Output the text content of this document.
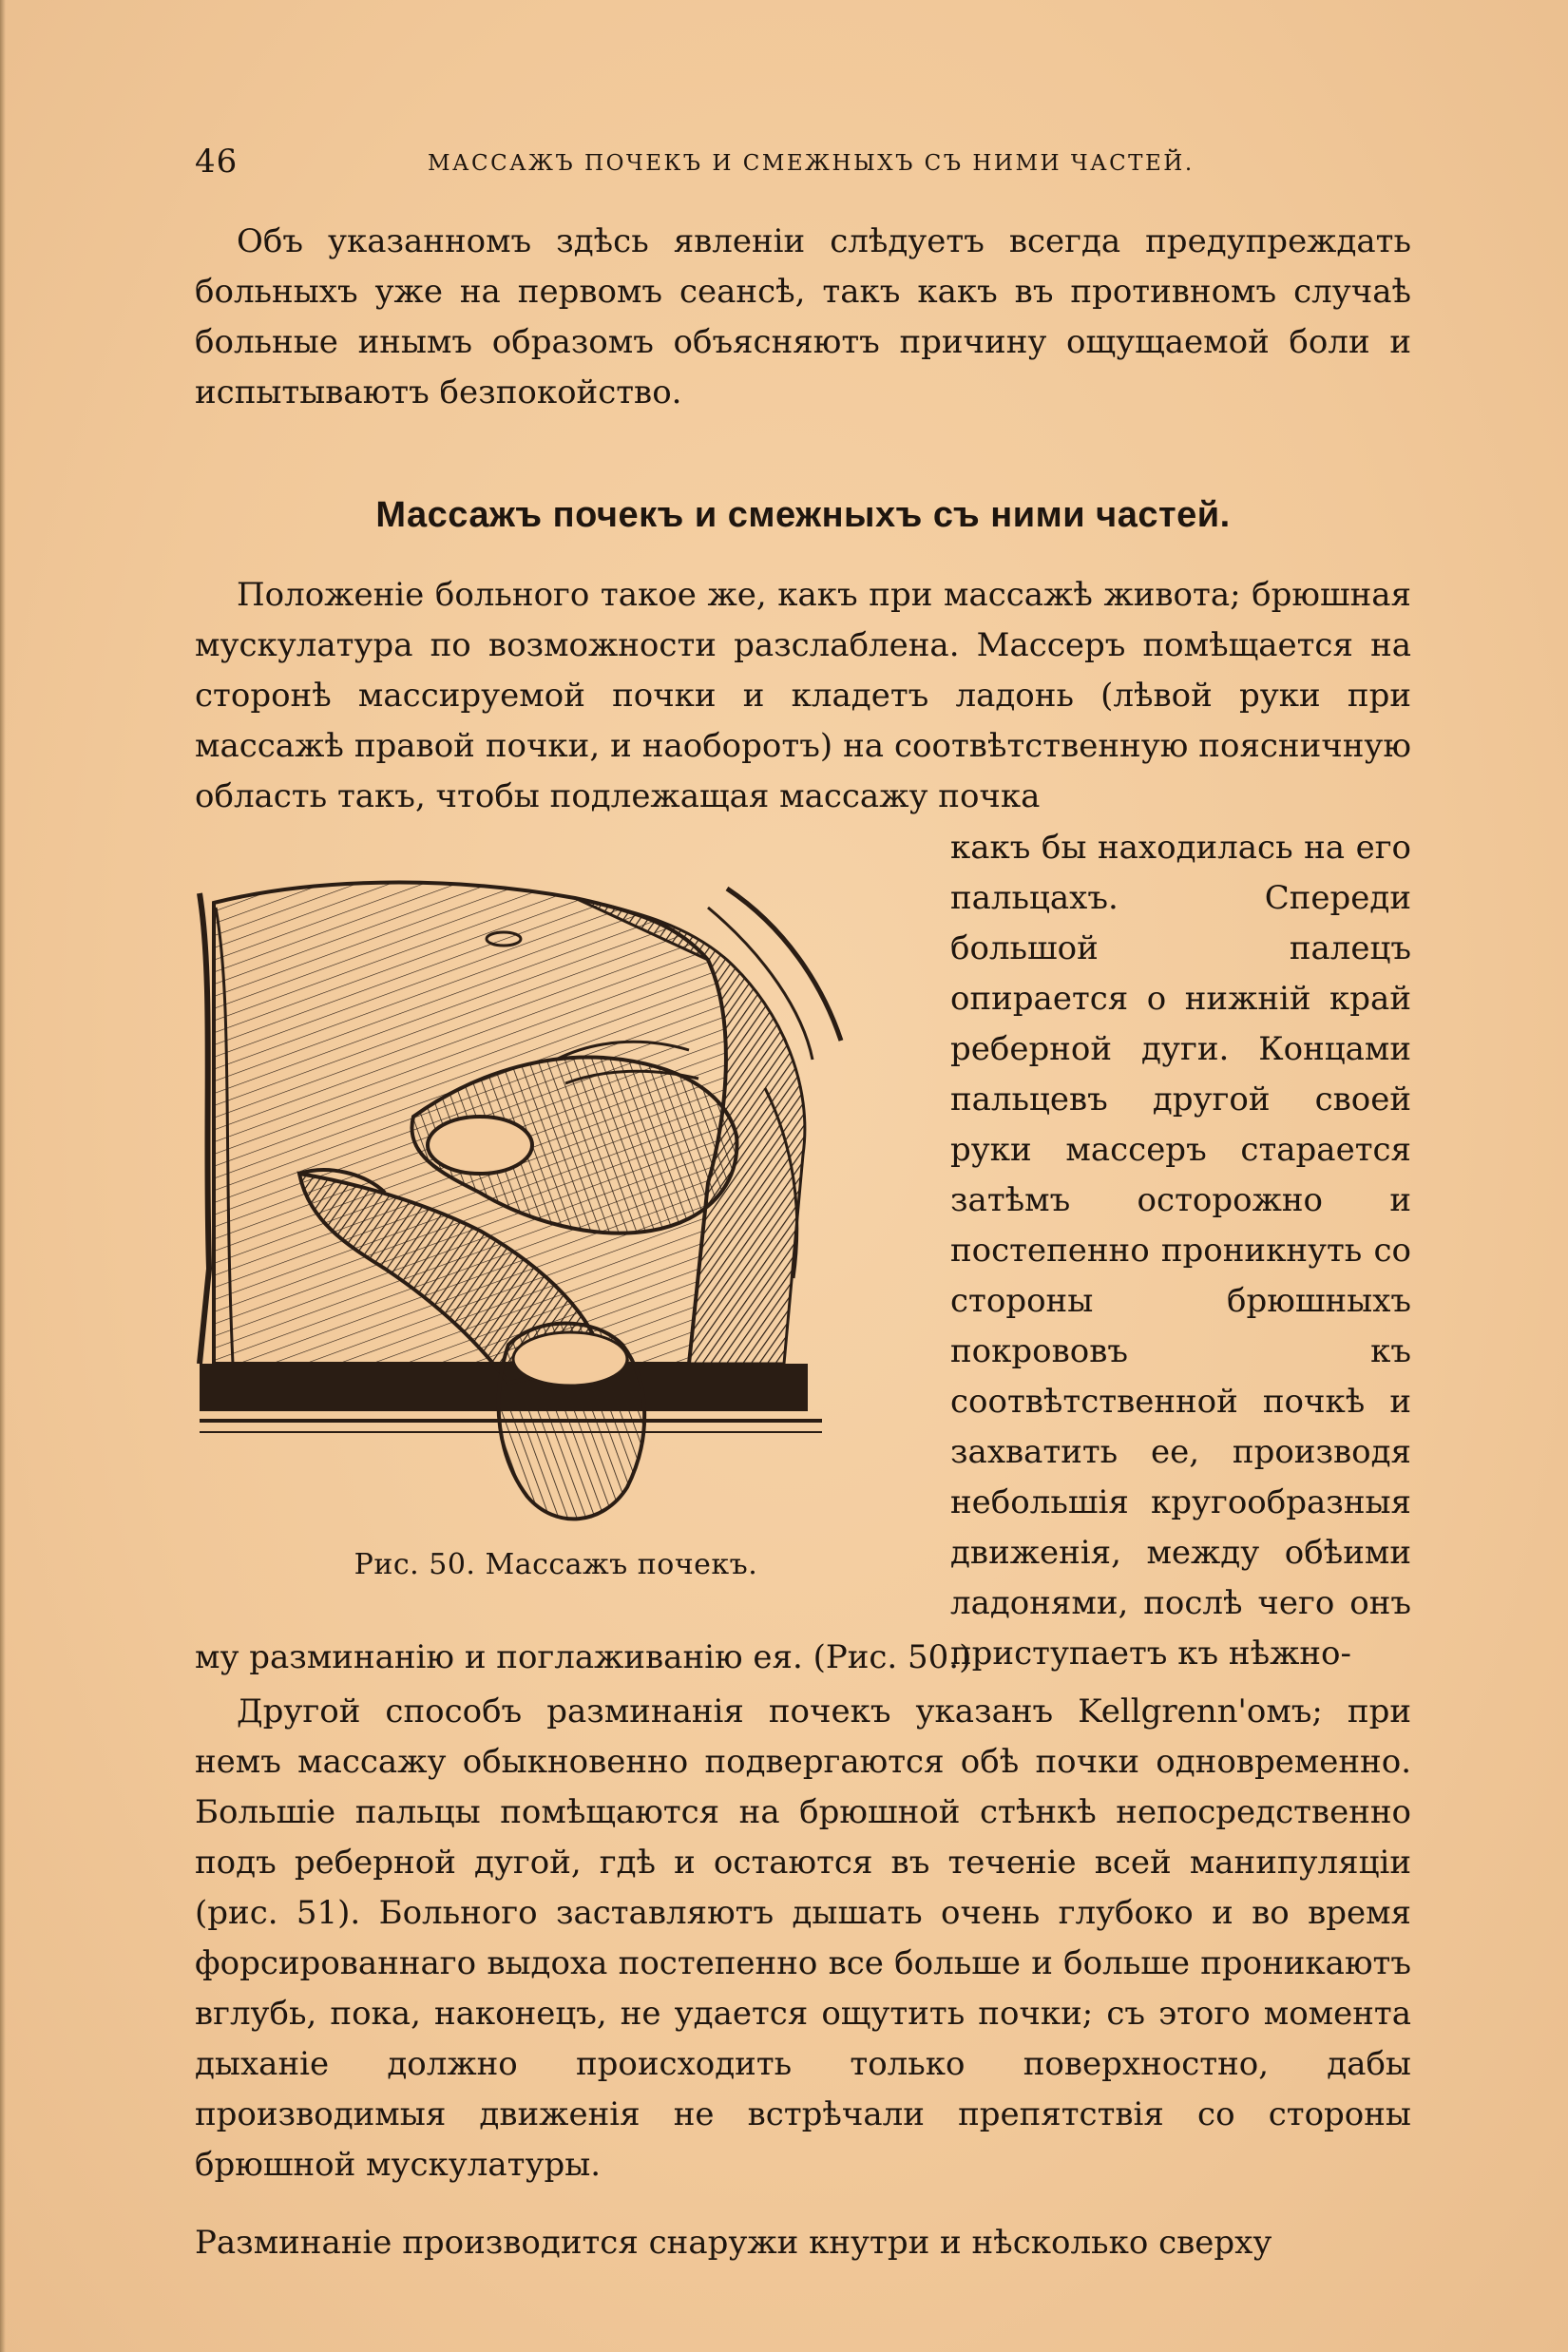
46	МАССАЖЪ ПОЧЕКЪ И СМЕЖНЫХЪ СЪ НИМИ ЧАСТЕЙ.

Объ указанномъ здѣсь явленіи слѣдуетъ всегда предупреждать больныхъ уже на первомъ сеансѣ, такъ какъ въ противномъ случаѣ больные инымъ образомъ объясняютъ причину ощущаемой боли и испытываютъ безпокойство.

Массажъ почекъ и смежныхъ съ ними частей.

Положеніе больного такое же, какъ при массажѣ живота; брюшная мускулатура по возможности разслаблена. Массеръ помѣщается на сторонѣ массируемой почки и кладетъ ладонь (лѣвой руки при массажѣ правой почки, и наоборотъ) на соотвѣтственную поясничную область такъ, чтобы подлежащая массажу почка

Рис. 50. Массажъ почекъ.

какъ бы находилась на его пальцахъ. Спереди большой палецъ опирается о нижній край реберной дуги. Концами пальцевъ другой своей руки массеръ старается затѣмъ осторожно и постепенно проникнуть со стороны брюшныхъ покрововъ къ соотвѣтственной почкѣ и захватить ее, производя небольшія кругообразныя движенія, между обѣими ладонями, послѣ чего онъ приступаетъ къ нѣжно-

му разминанію и поглаживанію ея. (Рис. 50.)

Другой способъ разминанія почекъ указанъ Kellgrenn'омъ; при немъ массажу обыкновенно подвергаются обѣ почки одновременно. Большіе пальцы помѣщаются на брюшной стѣнкѣ непосредственно подъ реберной дугой, гдѣ и остаются въ теченіе всей манипуляціи (рис. 51). Больного заставляютъ дышать очень глубоко и во время форсированнаго выдоха постепенно все больше и больше проникаютъ вглубь, пока, наконецъ, не удается ощутить почки; съ этого момента дыханіе должно происходить только поверхностно, дабы производимыя движенія не встрѣчали препятствія со стороны брюшной мускулатуры.

Разминаніе производится снаружи кнутри и нѣсколько сверху
